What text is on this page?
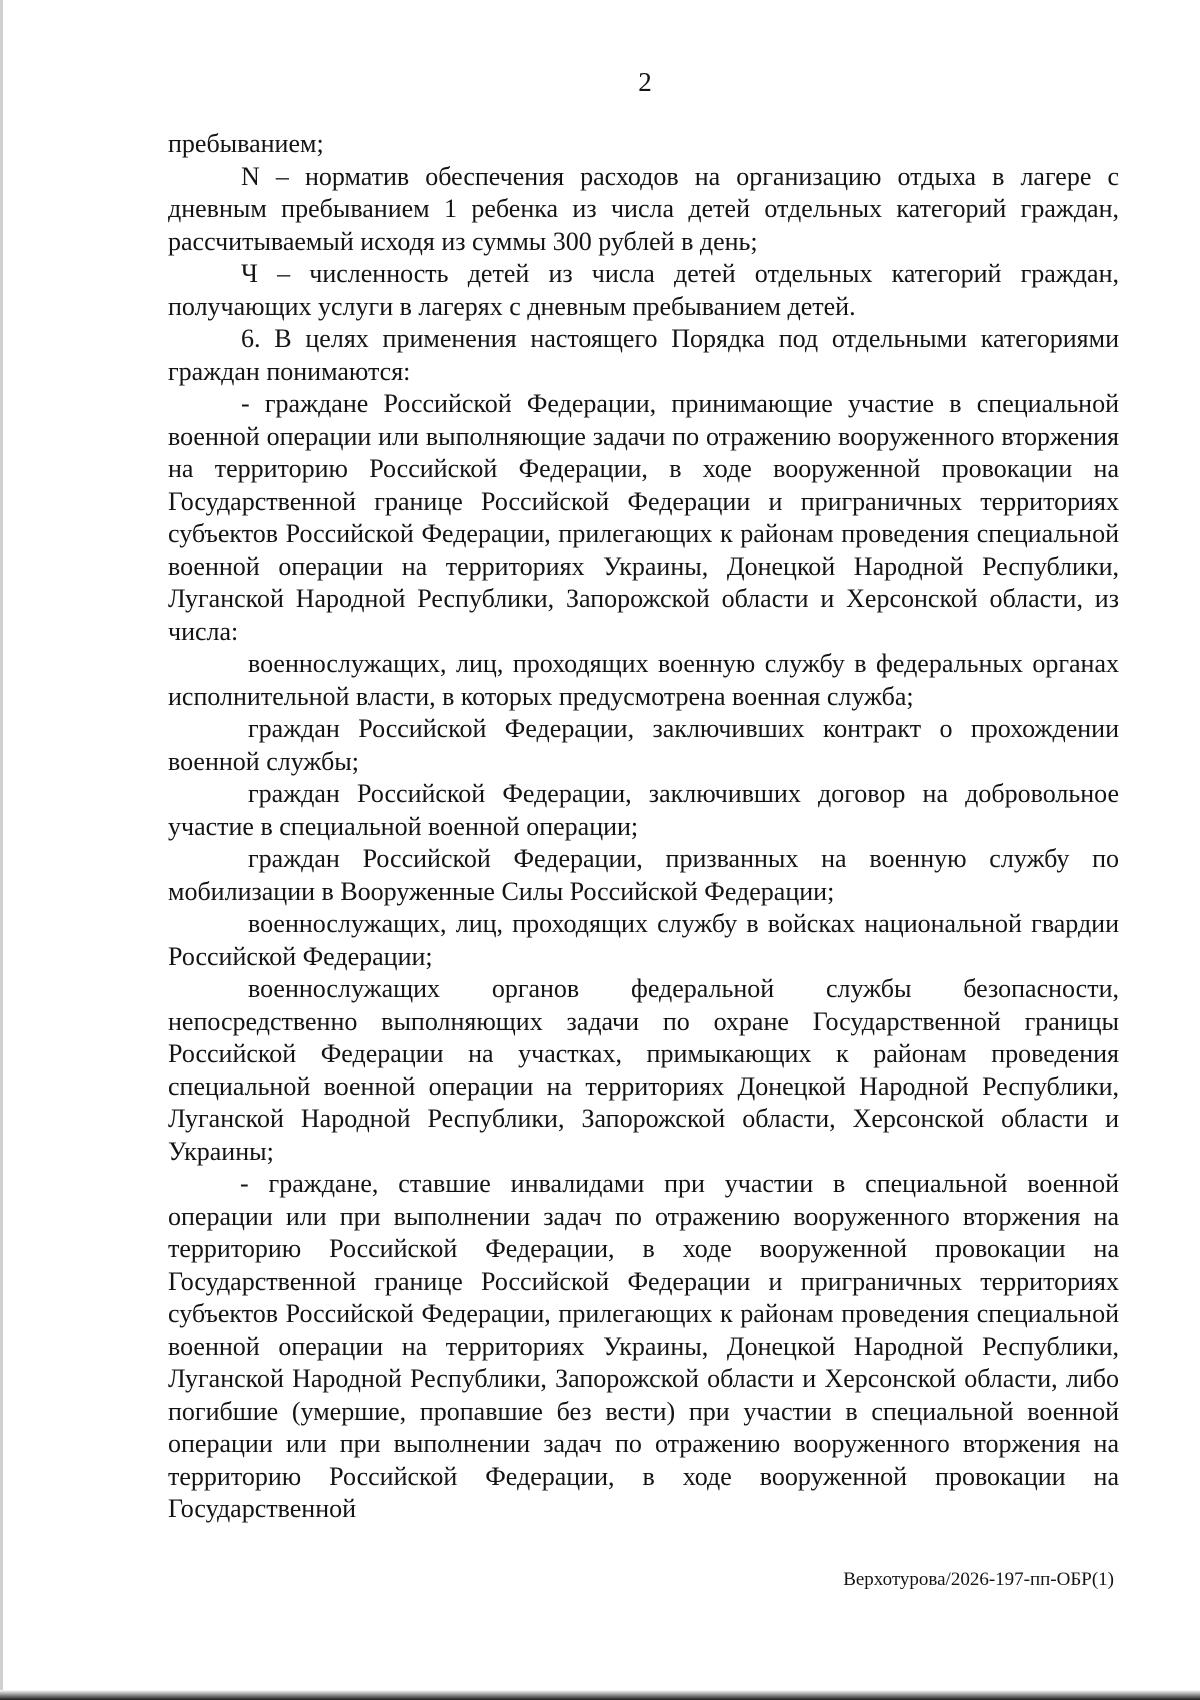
2

пребыванием;

N – норматив обеспечения расходов на организацию отдыха в лагере с дневным пребыванием 1 ребенка из числа детей отдельных категорий граждан, рассчитываемый исходя из суммы 300 рублей в день;

Ч – численность детей из числа детей отдельных категорий граждан, получающих услуги в лагерях с дневным пребыванием детей.

6. В целях применения настоящего Порядка под отдельными категориями граждан понимаются:

- граждане Российской Федерации, принимающие участие в специальной военной операции или выполняющие задачи по отражению вооруженного вторжения на территорию Российской Федерации, в ходе вооруженной провокации на Государственной границе Российской Федерации и приграничных территориях субъектов Российской Федерации, прилегающих к районам проведения специальной военной операции на территориях Украины, Донецкой Народной Республики, Луганской Народной Республики, Запорожской области и Херсонской области, из числа:

военнослужащих, лиц, проходящих военную службу в федеральных органах исполнительной власти, в которых предусмотрена военная служба;

граждан Российской Федерации, заключивших контракт о прохождении военной службы;

граждан Российской Федерации, заключивших договор на добровольное участие в специальной военной операции;

граждан Российской Федерации, призванных на военную службу по мобилизации в Вооруженные Силы Российской Федерации;

военнослужащих, лиц, проходящих службу в войсках национальной гвардии Российской Федерации;

военнослужащих органов федеральной службы безопасности, непосредственно выполняющих задачи по охране Государственной границы Российской Федерации на участках, примыкающих к районам проведения специальной военной операции на территориях Донецкой Народной Республики, Луганской Народной Республики, Запорожской области, Херсонской области и Украины;

- граждане, ставшие инвалидами при участии в специальной военной операции или при выполнении задач по отражению вооруженного вторжения на территорию Российской Федерации, в ходе вооруженной провокации на Государственной границе Российской Федерации и приграничных территориях субъектов Российской Федерации, прилегающих к районам проведения специальной военной операции на территориях Украины, Донецкой Народной Республики, Луганской Народной Республики, Запорожской области и Херсонской области, либо погибшие (умершие, пропавшие без вести) при участии в специальной военной операции или при выполнении задач по отражению вооруженного вторжения на территорию Российской Федерации, в ходе вооруженной провокации на Государственной

Верхотурова/2026-197-пп-ОБР(1)
